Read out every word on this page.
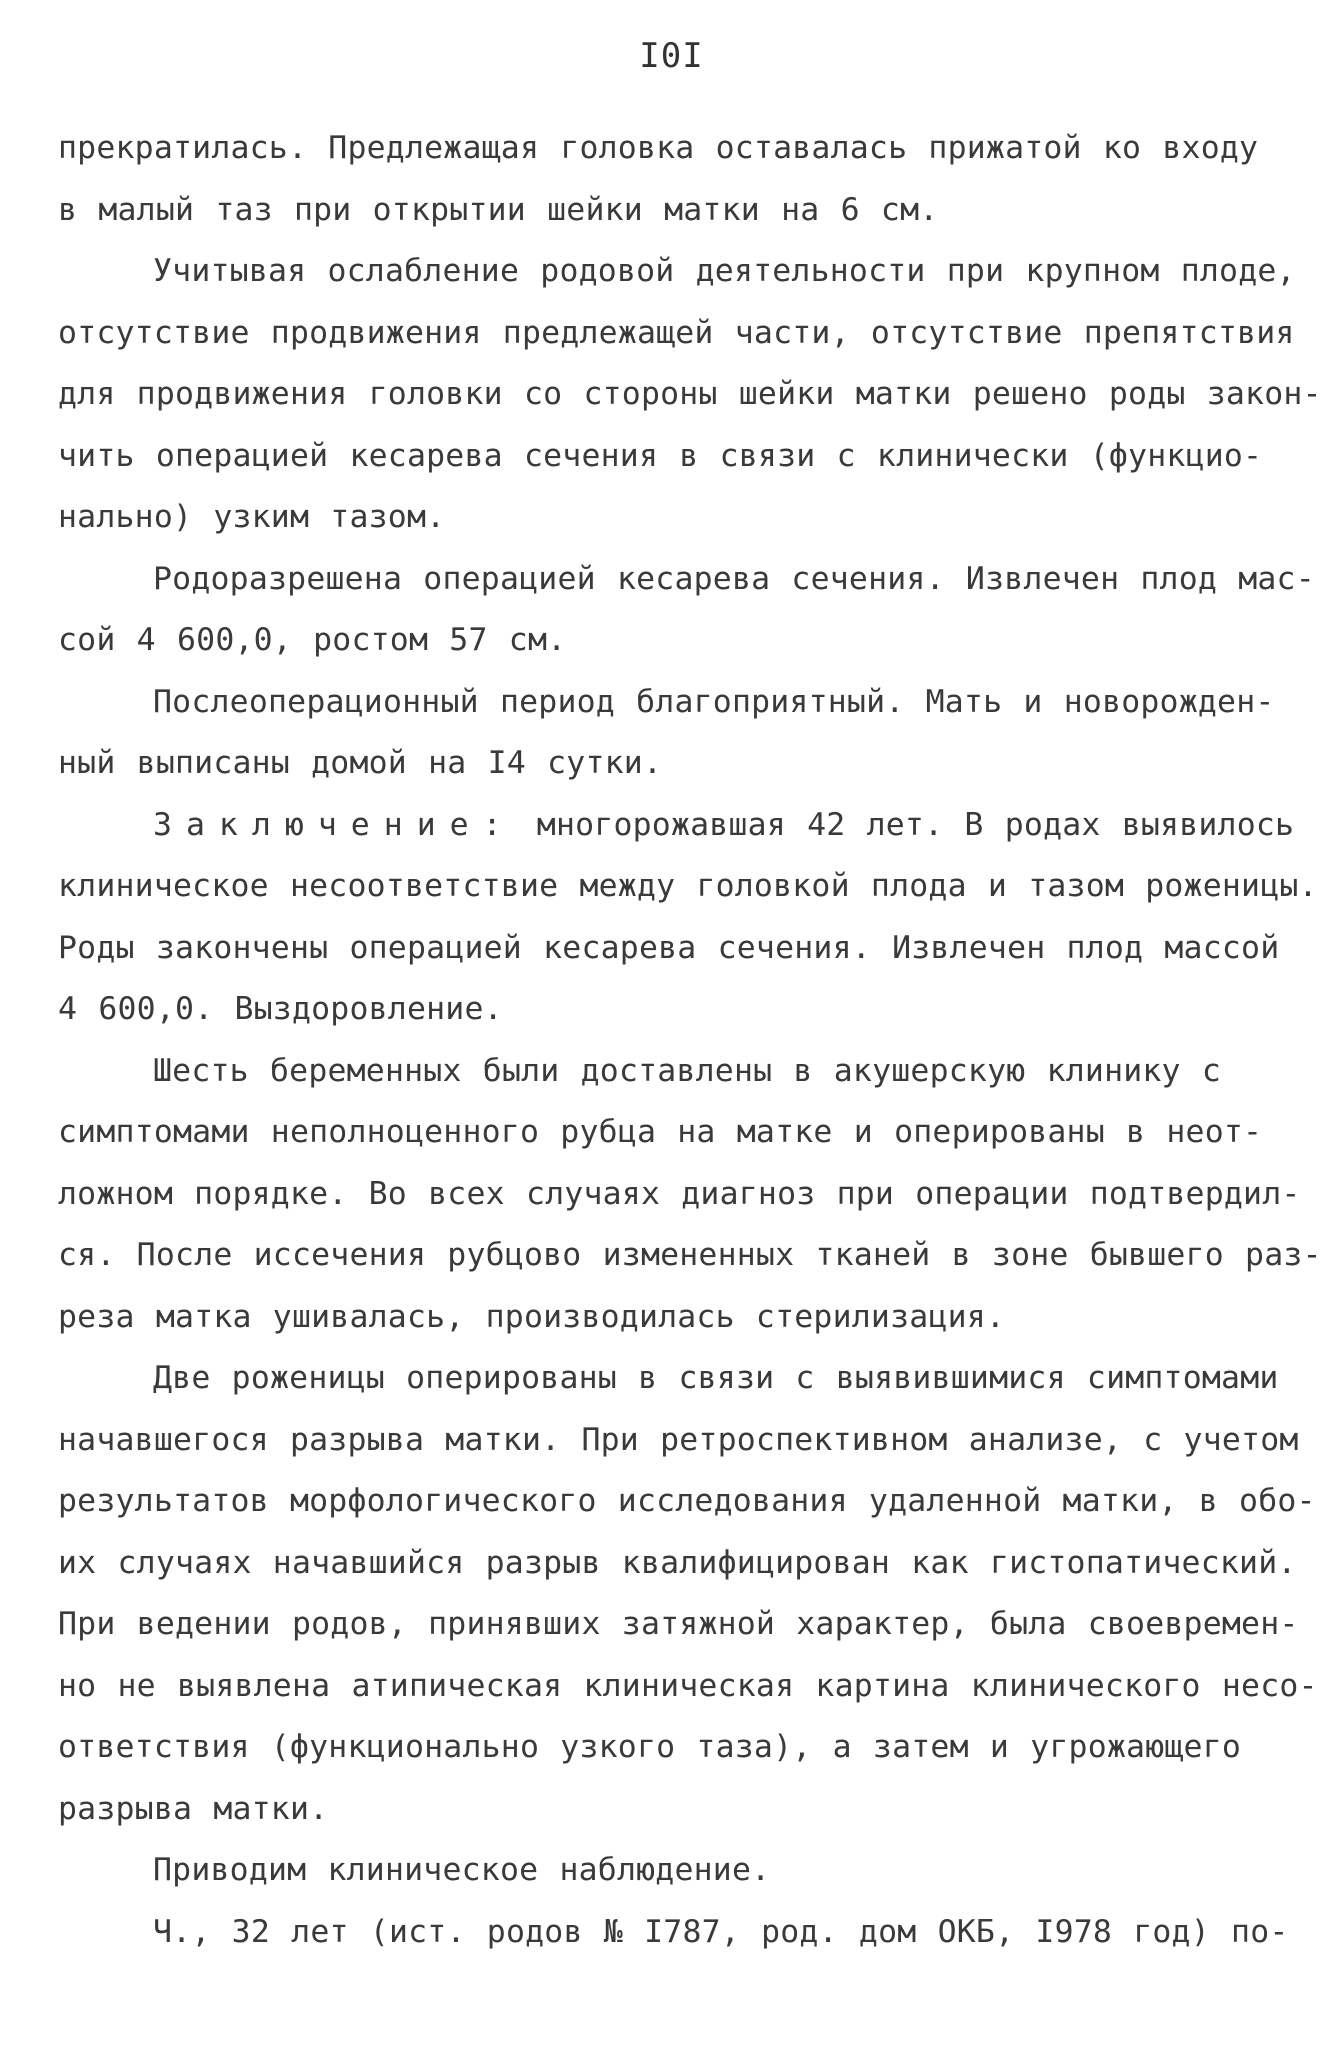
I0I
прекратилась. Предлежащая головка оставалась прижатой ко входу
в малый таз при открытии шейки матки на 6 см.
Учитывая ослабление родовой деятельности при крупном плоде,
отсутствие продвижения предлежащей части, отсутствие препятствия
для продвижения головки со стороны шейки матки решено роды закон-
чить операцией кесарева сечения в связи с клинически (функцио-
нально) узким тазом.
Родоразрешена операцией кесарева сечения. Извлечен плод мас-
сой 4 600,0, ростом 57 см.
Послеоперационный период благоприятный. Мать и новорожден-
ный выписаны домой на I4 сутки.
Заключение: многорожавшая 42 лет. В родах выявилось
клиническое несоответствие между головкой плода и тазом роженицы.
Роды закончены операцией кесарева сечения. Извлечен плод массой
4 600,0. Выздоровление.
Шесть беременных были доставлены в акушерскую клинику с
симптомами неполноценного рубца на матке и оперированы в неот-
ложном порядке. Во всех случаях диагноз при операции подтвердил-
ся. После иссечения рубцово измененных тканей в зоне бывшего раз-
реза матка ушивалась, производилась стерилизация.
Две роженицы оперированы в связи с выявившимися симптомами
начавшегося разрыва матки. При ретроспективном анализе, с учетом
результатов морфологического исследования удаленной матки, в обо-
их случаях начавшийся разрыв квалифицирован как гистопатический.
При ведении родов, принявших затяжной характер, была своевремен-
но не выявлена атипическая клиническая картина клинического несо-
ответствия (функционально узкого таза), а затем и угрожающего
разрыва матки.
Приводим клиническое наблюдение.
Ч., 32 лет (ист. родов № I787, род. дом ОКБ, I978 год) по-
